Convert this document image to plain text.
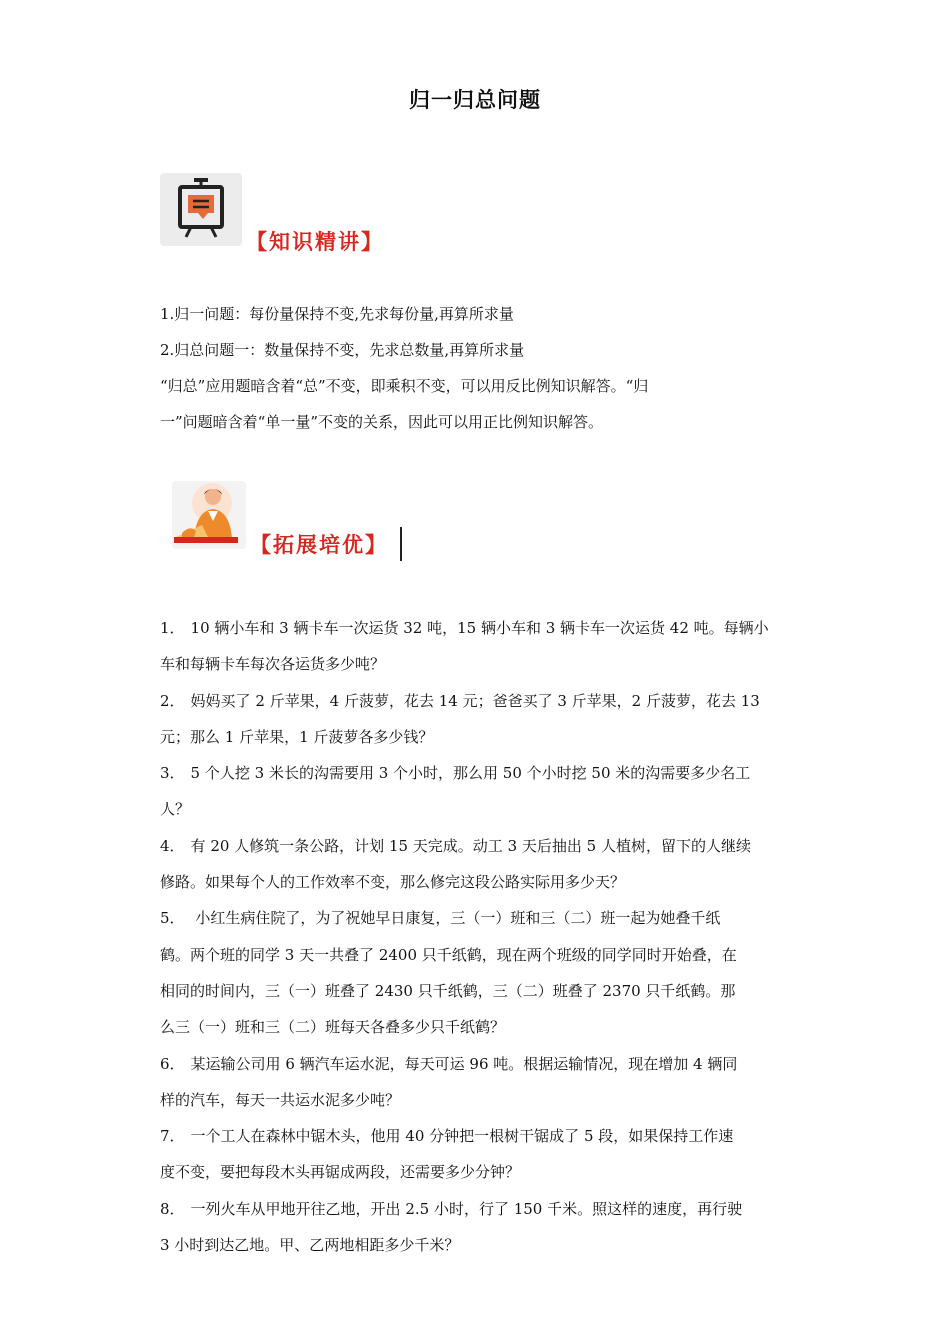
归一归总问题
【知识精讲】

1.归一问题：每份量保持不变,先求每份量,再算所求量

2.归总问题一：数量保持不变，先求总数量,再算所求量

“归总”应用题暗含着“总”不变，即乘积不变，可以用反比例知识解答。“归

一”问题暗含着“单一量”不变的关系，因此可以用正比例知识解答。

【拓展培优】

1． 10 辆小车和 3 辆卡车一次运货 32 吨，15 辆小车和 3 辆卡车一次运货 42 吨。每辆小

车和每辆卡车每次各运货多少吨？

2． 妈妈买了 2 斤苹果，4 斤菠萝，花去 14 元；爸爸买了 3 斤苹果，2 斤菠萝，花去 13

元；那么 1 斤苹果，1 斤菠萝各多少钱？

3． 5 个人挖 3 米长的沟需要用 3 个小时，那么用 50 个小时挖 50 米的沟需要多少名工

人？

4． 有 20 人修筑一条公路，计划 15 天完成。动工 3 天后抽出 5 人植树，留下的人继续

修路。如果每个人的工作效率不变，那么修完这段公路实际用多少天？

5． 小红生病住院了，为了祝她早日康复，三（一）班和三（二）班一起为她叠千纸

鹤。两个班的同学 3 天一共叠了 2400 只千纸鹤，现在两个班级的同学同时开始叠，在

相同的时间内，三（一）班叠了 2430 只千纸鹤，三（二）班叠了 2370 只千纸鹤。那

么三（一）班和三（二）班每天各叠多少只千纸鹤？

6． 某运输公司用 6 辆汽车运水泥，每天可运 96 吨。根据运输情况，现在增加 4 辆同

样的汽车，每天一共运水泥多少吨？

7． 一个工人在森林中锯木头，他用 40 分钟把一根树干锯成了 5 段，如果保持工作速

度不变，要把每段木头再锯成两段，还需要多少分钟？

8． 一列火车从甲地开往乙地，开出 2.5 小时，行了 150 千米。照这样的速度，再行驶

3 小时到达乙地。甲、乙两地相距多少千米？
